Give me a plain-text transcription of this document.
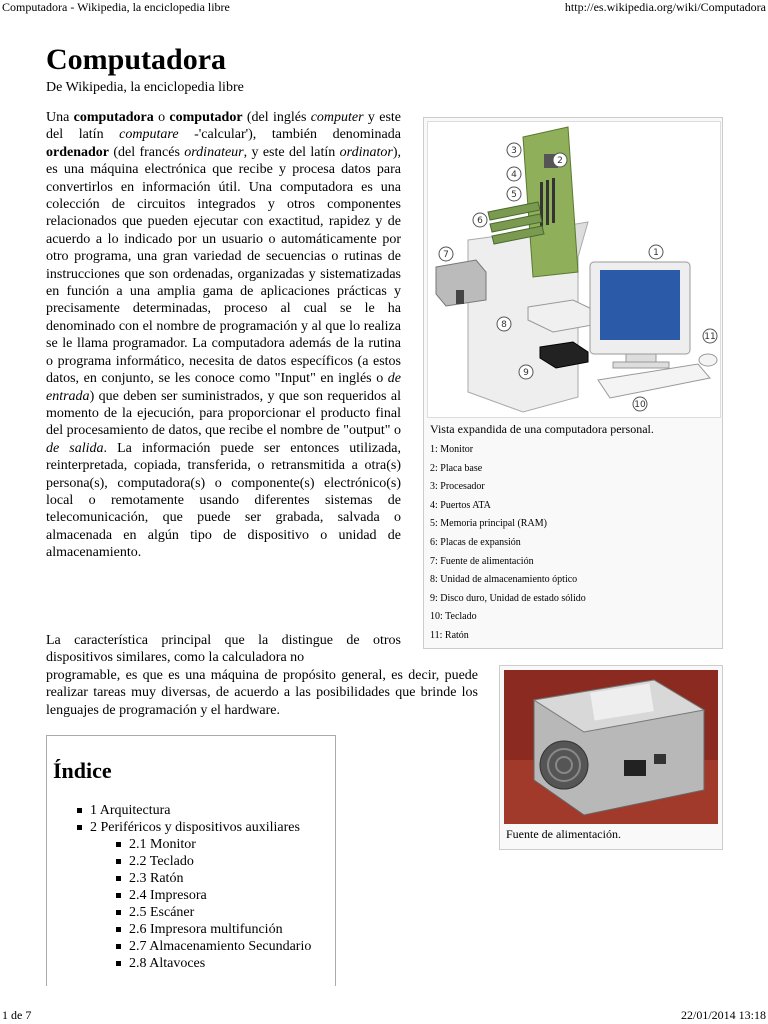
Computadora - Wikipedia, la enciclopedia libre	http://es.wikipedia.org/wiki/Computadora
Computadora
De Wikipedia, la enciclopedia libre

Una computadora o computador (del inglés computer y este del latín computare -'calcular'), también denominada ordenador (del francés ordinateur, y este del latín ordinator), es una máquina electrónica que recibe y procesa datos para convertirlos en información útil. Una computadora es una colección de circuitos integrados y otros componentes relacionados que pueden ejecutar con exactitud, rapidez y de acuerdo a lo indicado por un usuario o automáticamente por otro programa, una gran variedad de secuencias o rutinas de instrucciones que son ordenadas, organizadas y sistematizadas en función a una amplia gama de aplicaciones prácticas y precisamente determinadas, proceso al cual se le ha denominado con el nombre de programación y al que lo realiza se le llama programador. La computadora además de la rutina o programa informático, necesita de datos específicos (a estos datos, en conjunto, se les conoce como "Input" en inglés o de entrada) que deben ser suministrados, y que son requeridos al momento de la ejecución, para proporcionar el producto final del procesamiento de datos, que recibe el nombre de "output" o de salida. La información puede ser entonces utilizada, reinterpretada, copiada, transferida, o retransmitida a otra(s) persona(s), computadora(s) o componente(s) electrónico(s) local o remotamente usando diferentes sistemas de telecomunicación, que puede ser grabada, salvada o almacenada en algún tipo de dispositivo o unidad de almacenamiento.

La característica principal que la distingue de otros dispositivos similares, como la calculadora no
programable, es que es una máquina de propósito general, es decir, puede realizar tareas muy diversas, de acuerdo a las posibilidades que brinde los lenguajes de programación y el hardware.

3
2
4
5
6
7	1
8
9
11
10
Vista expandida de una computadora personal.
1: Monitor
2: Placa base
3: Procesador
4: Puertos ATA
5: Memoria principal (RAM)
6: Placas de expansión
7: Fuente de alimentación
8: Unidad de almacenamiento óptico
9: Disco duro, Unidad de estado sólido
10: Teclado
11: Ratón
Fuente de alimentación.
Índice
1 Arquitectura
2 Periféricos y dispositivos auxiliares
2.1 Monitor
2.2 Teclado
2.3 Ratón
2.4 Impresora
2.5 Escáner
2.6 Impresora multifunción
2.7 Almacenamiento Secundario
2.8 Altavoces
1 de 7	22/01/2014 13:18
